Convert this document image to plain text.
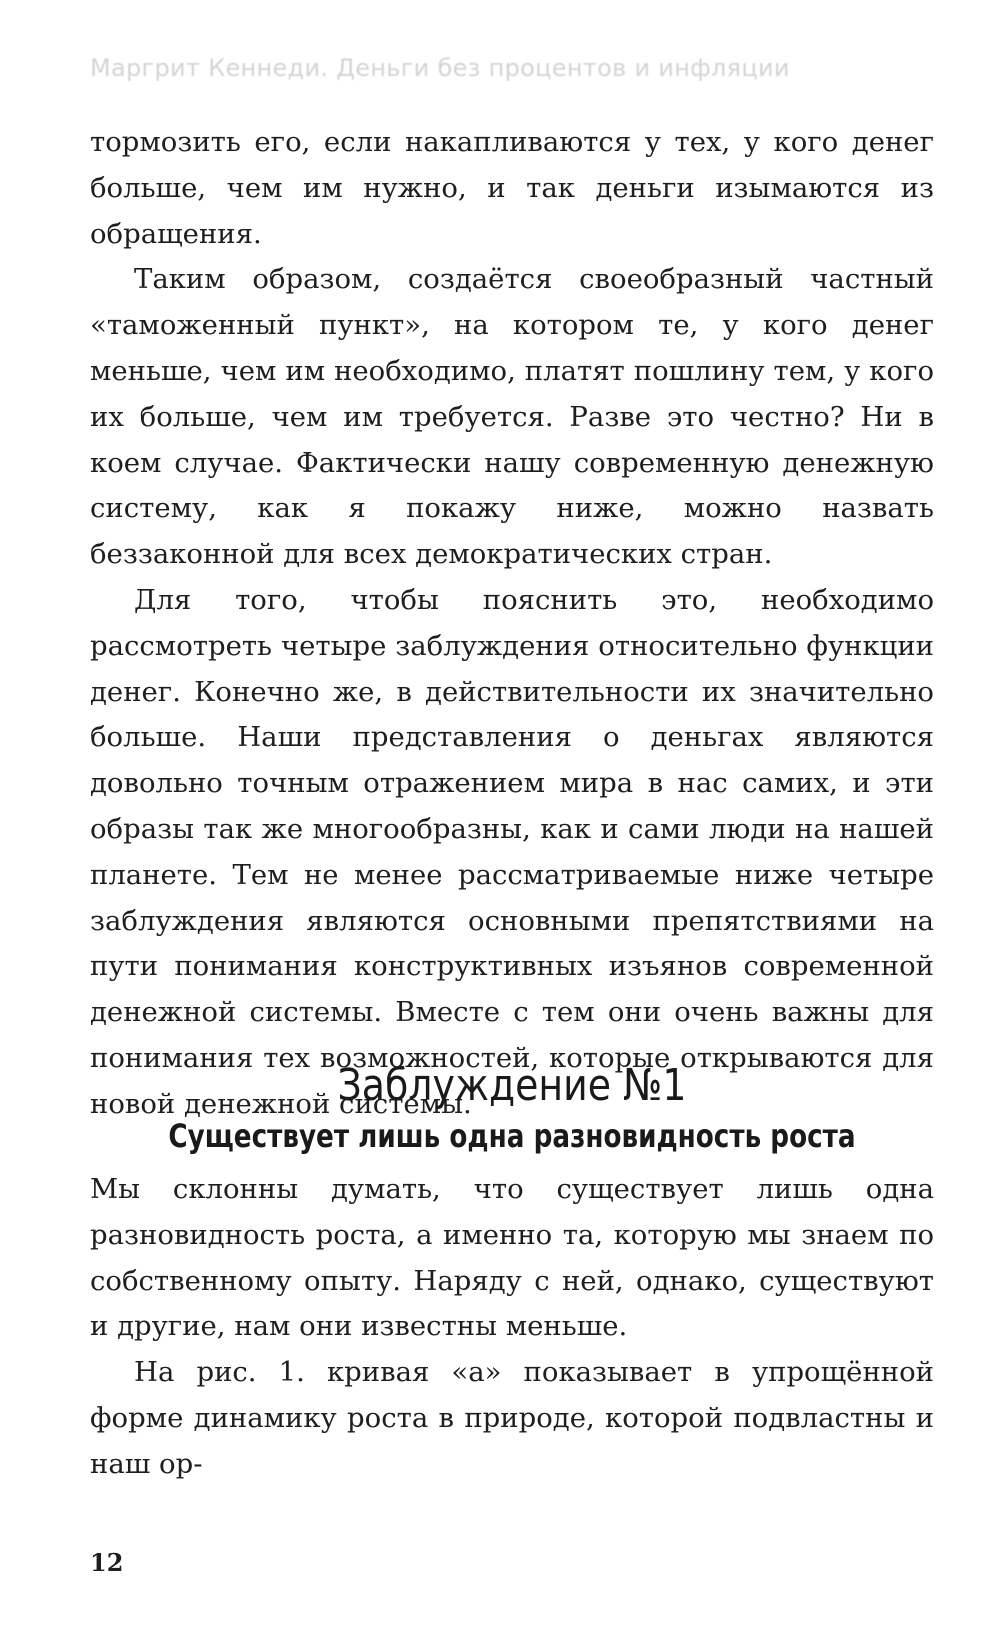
Маргрит Кеннеди. Деньги без процентов и инфляции

тормозить его, если накапливаются у тех, у кого денег больше, чем им нужно, и так деньги изымаются из обращения.

Таким образом, создаётся своеобразный частный «таможенный пункт», на котором те, у кого денег меньше, чем им необходимо, платят пошлину тем, у кого их больше, чем им требуется. Разве это честно? Ни в коем случае. Фактически нашу современную денежную систему, как я покажу ниже, можно назвать беззаконной для всех демократических стран.

Для того, чтобы пояснить это, необходимо рассмотреть четыре заблуждения относительно функции денег. Конечно же, в действительности их значительно больше. Наши представления о деньгах являются довольно точным отражением мира в нас самих, и эти образы так же многообразны, как и сами люди на нашей планете. Тем не менее рассматриваемые ниже четыре заблуждения являются основными препятствиями на пути понимания конструктивных изъянов современной денежной системы. Вместе с тем они очень важны для понимания тех возможностей, которые открываются для новой денежной системы.

Заблуждение №1
Существует лишь одна разновидность роста

Мы склонны думать, что существует лишь одна разновидность роста, а именно та, которую мы знаем по собственному опыту. Наряду с ней, однако, существуют и другие, нам они известны меньше.

На рис. 1. кривая «а» показывает в упрощённой форме динамику роста в природе, которой подвластны и наш ор-

12
